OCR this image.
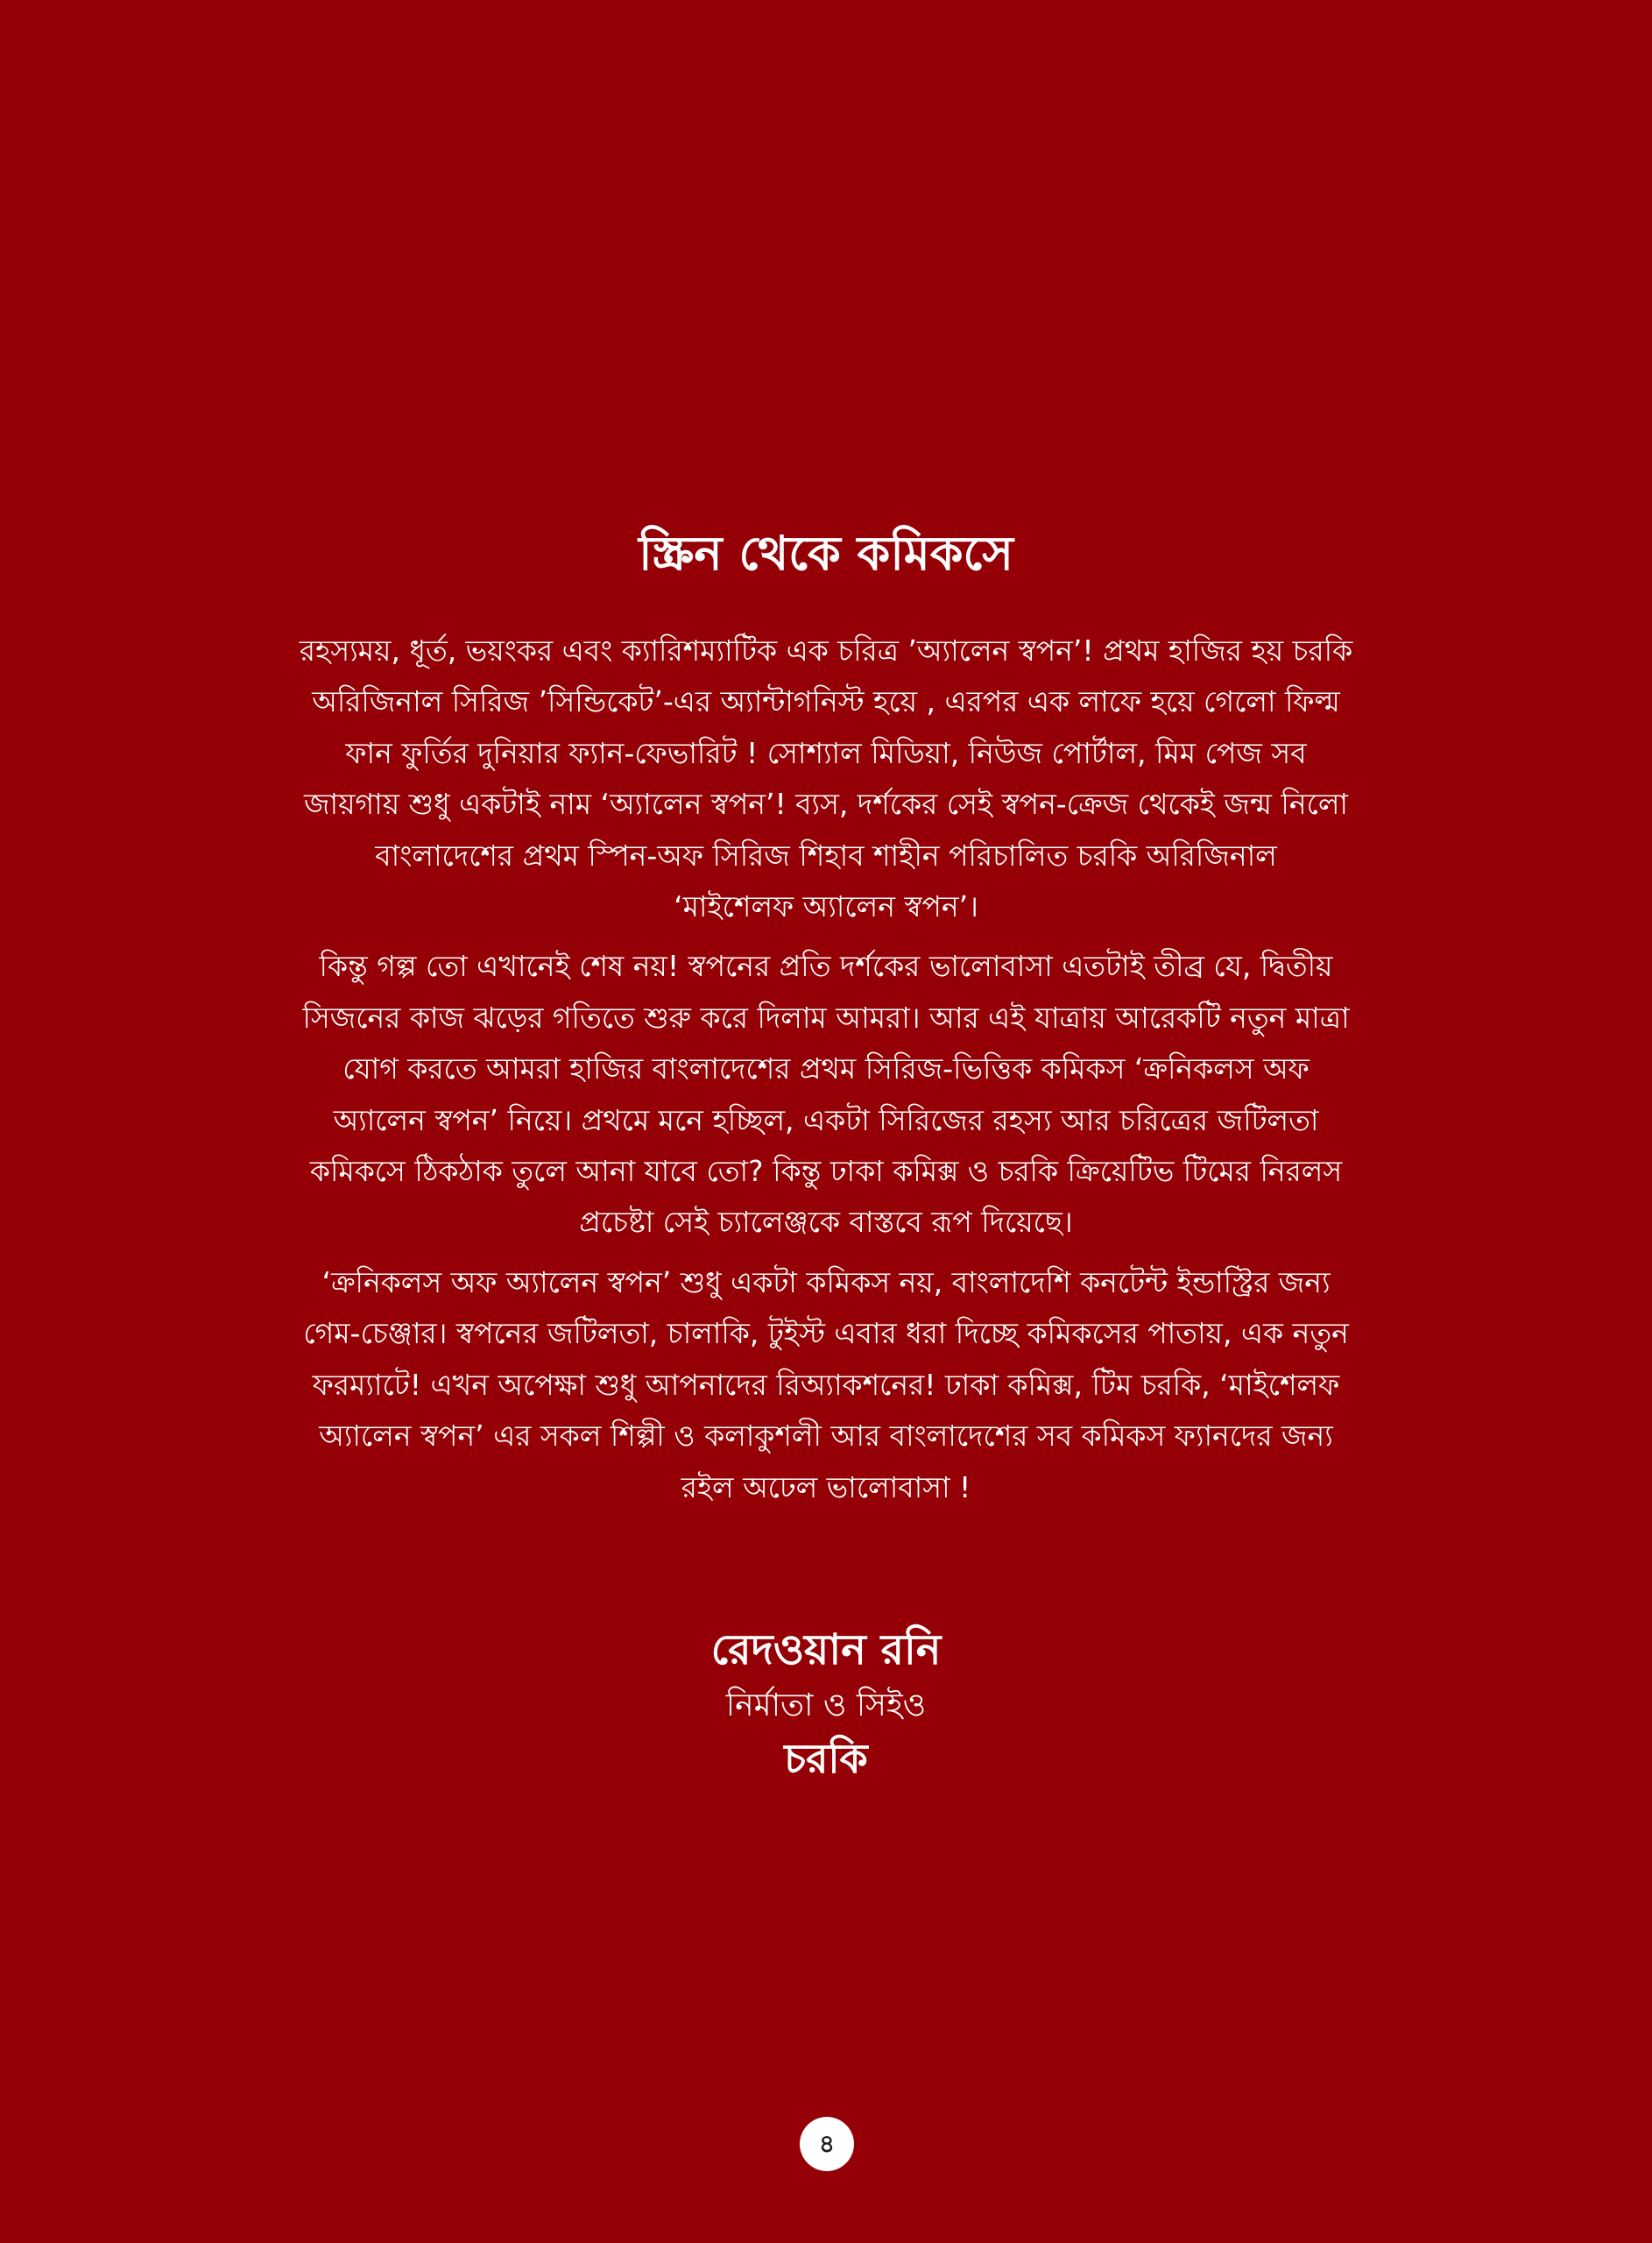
স্ক্রিন থেকে কমিকসে

রহস্যময়, ধূর্ত, ভয়ংকর এবং ক্যারিশম্যাটিক এক চরিত্র ’অ্যালেন স্বপন’! প্রথম হাজির হয় চরকি
অরিজিনাল সিরিজ ’সিন্ডিকেট’-এর অ্যান্টাগনিস্ট হয়ে , এরপর এক লাফে হয়ে গেলো ফিল্ম
ফান ফুর্তির দুনিয়ার ফ্যান-ফেভারিট ! সোশ্যাল মিডিয়া, নিউজ পোর্টাল, মিম পেজ সব
জায়গায় শুধু একটাই নাম ‘অ্যালেন স্বপন’! ব্যস, দর্শকের সেই স্বপন-ক্রেজ থেকেই জন্ম নিলো
বাংলাদেশের প্রথম স্পিন-অফ সিরিজ শিহাব শাহীন পরিচালিত চরকি অরিজিনাল
‘মাইশেলফ অ্যালেন স্বপন’।

কিন্তু গল্প তো এখানেই শেষ নয়! স্বপনের প্রতি দর্শকের ভালোবাসা এতটাই তীব্র যে, দ্বিতীয়
সিজনের কাজ ঝড়ের গতিতে শুরু করে দিলাম আমরা। আর এই যাত্রায় আরেকটি নতুন মাত্রা
যোগ করতে আমরা হাজির বাংলাদেশের প্রথম সিরিজ-ভিত্তিক কমিকস ‘ক্রনিকলস অফ
অ্যালেন স্বপন’ নিয়ে। প্রথমে মনে হচ্ছিল, একটা সিরিজের রহস্য আর চরিত্রের জটিলতা
কমিকসে ঠিকঠাক তুলে আনা যাবে তো? কিন্তু ঢাকা কমিক্স ও চরকি ক্রিয়েটিভ টিমের নিরলস
প্রচেষ্টা সেই চ্যালেঞ্জকে বাস্তবে রূপ দিয়েছে।

‘ক্রনিকলস অফ অ্যালেন স্বপন’ শুধু একটা কমিকস নয়, বাংলাদেশি কনটেন্ট ইন্ডাস্ট্রির জন্য
গেম-চেঞ্জার। স্বপনের জটিলতা, চালাকি, টুইস্ট এবার ধরা দিচ্ছে কমিকসের পাতায়, এক নতুন
ফরম্যাটে! এখন অপেক্ষা শুধু আপনাদের রিঅ্যাকশনের! ঢাকা কমিক্স, টিম চরকি, ‘মাইশেলফ
অ্যালেন স্বপন’ এর সকল শিল্পী ও কলাকুশলী আর বাংলাদেশের সব কমিকস ফ্যানদের জন্য
রইল অঢেল ভালোবাসা !

রেদওয়ান রনি
নির্মাতা ও সিইও
চরকি
৪
